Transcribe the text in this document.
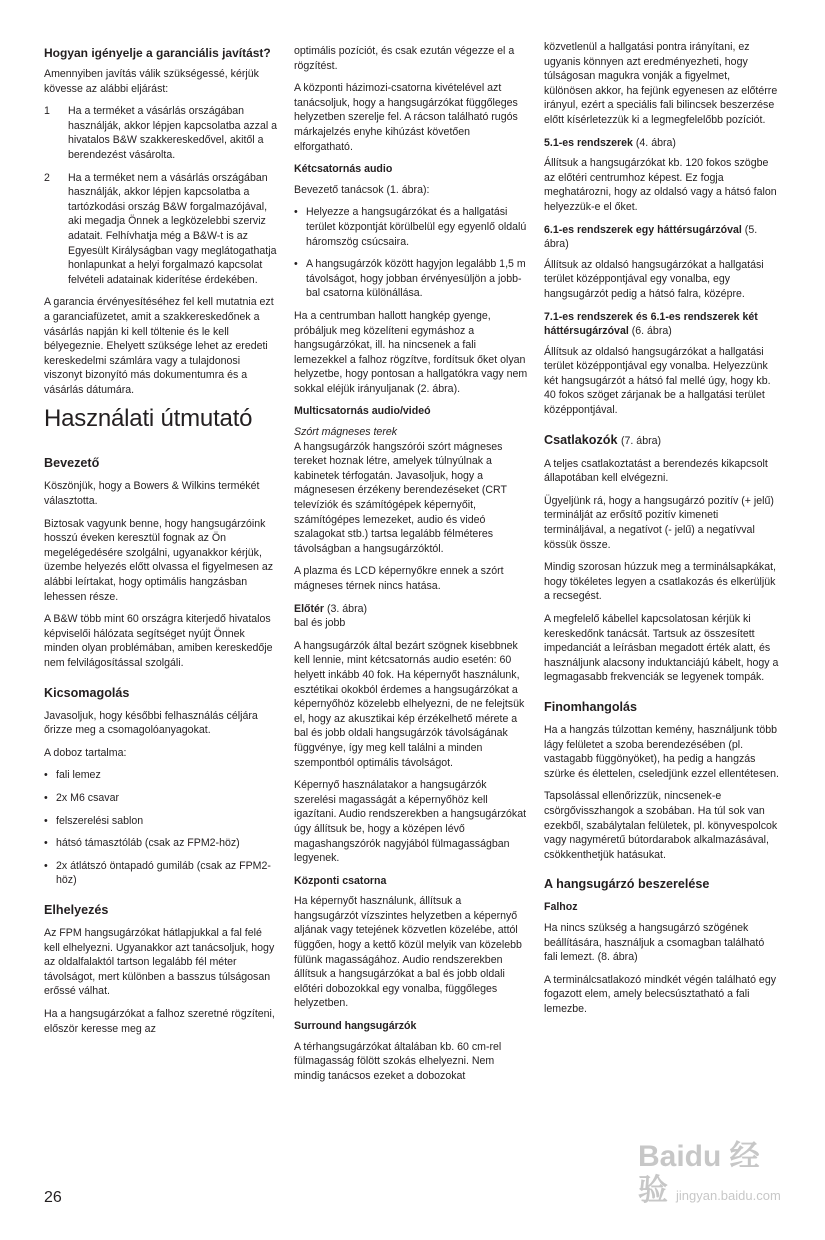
Hogyan igényelje a garanciális javítást?

Amennyiben javítás válik szükségessé, kérjük kövesse az alábbi eljárást:

1 Ha a terméket a vásárlás országában használják, akkor lépjen kapcsolatba azzal a hivatalos B&W szakkereskedővel, akitől a berendezést vásárolta.
2 Ha a terméket nem a vásárlás országában használják, akkor lépjen kapcsolatba a tartózkodási ország B&W forgalmazójával, aki megadja Önnek a legközelebbi szerviz adatait. Felhívhatja még a B&W-t is az Egyesült Királyságban vagy meglátogathatja honlapunkat a helyi forgalmazó kapcsolat felvételi adatainak kiderítése érdekében.

A garancia érvényesítéséhez fel kell mutatnia ezt a garanciafüzetet, amit a szakkereskedőnek a vásárlás napján ki kell töltenie és le kell bélyegeznie. Ehelyett szüksége lehet az eredeti kereskedelmi számlára vagy a tulajdonosi viszonyt bizonyító más dokumentumra és a vásárlás dátumára.

Használati útmutató
Bevezető

Köszönjük, hogy a Bowers & Wilkins termékét választotta.

Biztosak vagyunk benne, hogy hangsugárzóink hosszú éveken keresztül fognak az Ön megelégedésére szolgálni, ugyanakkor kérjük, üzembe helyezés előtt olvassa el figyelmesen az alábbi leírtakat, hogy optimális hangzásban lehessen része.

A B&W több mint 60 országra kiterjedő hivatalos képviselői hálózata segítséget nyújt Önnek minden olyan problémában, amiben kereskedője nem felvilágosítással szolgáli.

Kicsomagolás

Javasoljuk, hogy későbbi felhasználás céljára őrizze meg a csomagolóanyagokat.

A doboz tartalma:

• fali lemez
• 2x M6 csavar
• felszerelési sablon
• hátsó támasztóláb (csak az FPM2-höz)
• 2x átlátszó öntapadó gumiláb (csak az FPM2-höz)
Elhelyezés

Az FPM hangsugárzókat hátlapjukkal a fal felé kell elhelyezni. Ugyanakkor azt tanácsoljuk, hogy az oldalfalaktól tartson legalább fél méter távolságot, mert különben a basszus túlságosan erőssé válhat.

Ha a hangsugárzókat a falhoz szeretné rögzíteni, először keresse meg az

26

optimális pozíciót, és csak ezután végezze el a rögzítést.

A központi házimozi-csatorna kivételével azt tanácsoljuk, hogy a hangsugárzókat függőleges helyzetben szerelje fel. A rácson található rugós márkajelzés enyhe kihúzást követően elforgatható.

Kétcsatornás audio

Bevezető tanácsok (1. ábra):

• Helyezze a hangsugárzókat és a hallgatási terület központját körülbelül egy egyenlő oldalú háromszög csúcsaira.
• A hangsugárzók között hagyjon legalább 1,5 m távolságot, hogy jobban érvényesüljön a jobb-bal csatorna különállása.

Ha a centrumban hallott hangkép gyenge, próbáljuk meg közelíteni egymáshoz a hangsugárzókat, ill. ha nincsenek a fali lemezekkel a falhoz rögzítve, fordítsuk őket olyan helyzetbe, hogy pontosan a hallgatókra vagy nem sokkal eléjük irányuljanak (2. ábra).

Multicsatornás audio/videó
Szórt mágneses terek

A hangsugárzók hangszórói szórt mágneses tereket hoznak létre, amelyek túlnyúlnak a kabinetek térfogatán. Javasoljuk, hogy a mágnesesen érzékeny berendezéseket (CRT televíziók és számítógépek képernyőit, számítógépes lemezeket, audio és videó szalagokat stb.) tartsa legalább félméteres távolságban a hangsugárzóktól.

A plazma és LCD képernyőkre ennek a szórt mágneses térnek nincs hatása.

Előtér (3. ábra)

bal és jobb

A hangsugárzók által bezárt szögnek kisebbnek kell lennie, mint kétcsatornás audio esetén: 60 helyett inkább 40 fok. Ha képernyőt használunk, esztétikai okokból érdemes a hangsugárzókat a képernyőhöz közelebb elhelyezni, de ne felejtsük el, hogy az akusztikai kép érzékelhető mérete a bal és jobb oldali hangsugárzók távolságának függvénye, így meg kell találni a minden szempontból optimális távolságot.

Képernyő használatakor a hangsugárzók szerelési magasságát a képernyőhöz kell igazítani. Audio rendszerekben a hangsugárzókat úgy állítsuk be, hogy a középen lévő magashangszórók nagyjából fülmagasságban legyenek.

Központi csatorna

Ha képernyőt használunk, állítsuk a hangsugárzót vízszintes helyzetben a képernyő aljának vagy tetejének közvetlen közelébe, attól függően, hogy a kettő közül melyik van közelebb fülünk magasságához. Audio rendszerekben állítsuk a hangsugárzókat a bal és jobb oldali előtéri dobozokkal egy vonalba, függőleges helyzetben.

Surround hangsugárzók

A térhangsugárzókat általában kb. 60 cm-rel fülmagasság fölött szokás elhelyezni. Nem mindig tanácsos ezeket a dobozokat

közvetlenül a hallgatási pontra irányítani, ez ugyanis könnyen azt eredményezheti, hogy túlságosan magukra vonják a figyelmet, különösen akkor, ha fejünk egyenesen az előtérre irányul, ezért a speciális fali bilincsek beszerzése előtt kísérletezzük ki a legmegfelelőbb pozíciót.

5.1-es rendszerek (4. ábra)

Állítsuk a hangsugárzókat kb. 120 fokos szögbe az előtéri centrumhoz képest. Ez fogja meghatározni, hogy az oldalsó vagy a hátsó falon helyezzük-e el őket.

6.1-es rendszerek egy háttérsugárzóval (5. ábra)

Állítsuk az oldalsó hangsugárzókat a hallgatási terület középpontjával egy vonalba, egy hangsugárzót pedig a hátsó falra, középre.

7.1-es rendszerek és 6.1-es rendszerek két háttérsugárzóval (6. ábra)

Állítsuk az oldalsó hangsugárzókat a hallgatási terület középpontjával egy vonalba. Helyezzünk két hangsugárzót a hátsó fal mellé úgy, hogy kb. 40 fokos szöget zárjanak be a hallgatási terület középpontjával.

Csatlakozók (7. ábra)

A teljes csatlakoztatást a berendezés kikapcsolt állapotában kell elvégezni.

Ügyeljünk rá, hogy a hangsugárzó pozitív (+ jelű) terminálját az erősítő pozitív kimeneti termináljával, a negatívot (- jelű) a negatívval kössük össze.

Mindig szorosan húzzuk meg a terminálsapkákat, hogy tökéletes legyen a csatlakozás és elkerüljük a recsegést.

A megfelelő kábellel kapcsolatosan kérjük ki kereskedőnk tanácsát. Tartsuk az összesített impedanciát a leírásban megadott érték alatt, és használjunk alacsony induktanciájú kábelt, hogy a legmagasabb frekvenciák se legyenek tompák.

Finomhangolás

Ha a hangzás túlzottan kemény, használjunk több lágy felületet a szoba berendezésében (pl. vastagabb függönyöket), ha pedig a hangzás szürke és élettelen, cseledjünk ezzel ellentétesen.

Tapsolással ellenőrizzük, nincsenek-e csörgővisszhangok a szobában. Ha túl sok van ezekből, szabálytalan felületek, pl. könyvespolcok vagy nagyméretű bútordarabok alkalmazásával, csökkenthetjük hatásukat.

A hangsugárzó beszerelése
Falhoz

Ha nincs szükség a hangsugárzó szögének beállítására, használjuk a csomagban található fali lemezt. (8. ábra)

A terminálcsatlakozó mindkét végén található egy fogazott elem, amely belecsúsztatható a fali lemezbe.

Baidu 经验 jingyan.baidu.com
